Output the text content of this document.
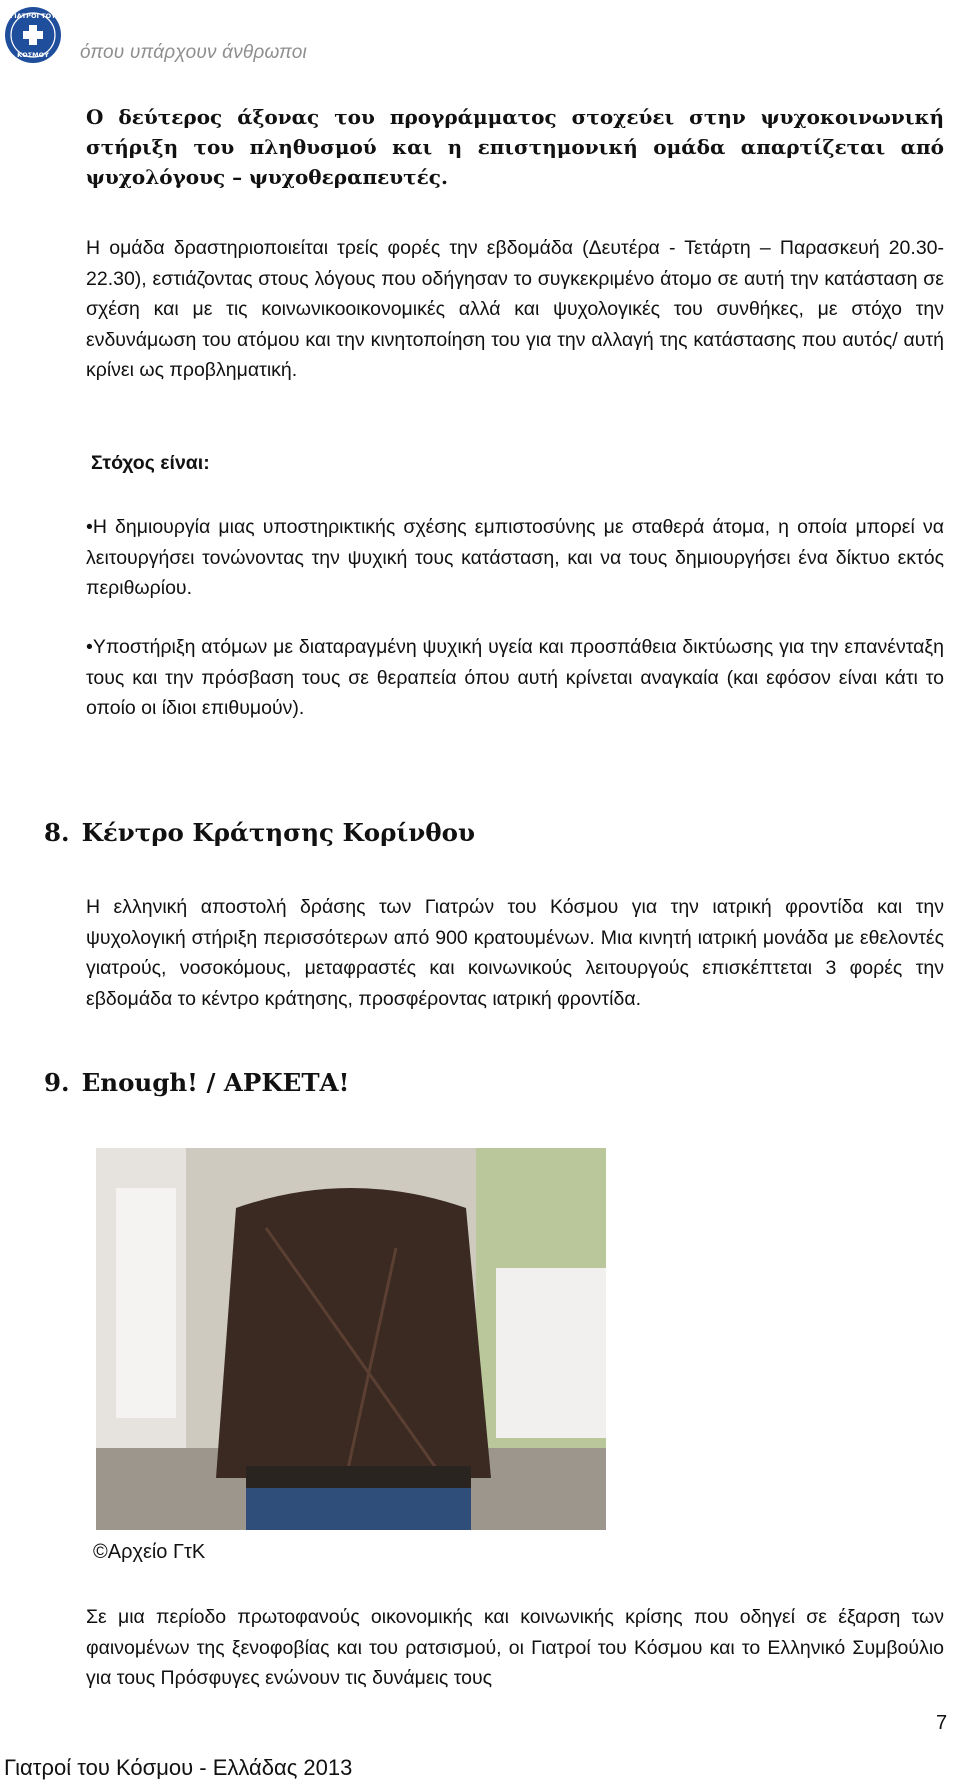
ΓΙΑΤΡΟΙ ΤΟΥ
ΚΟΣΜΟΥ όπου υπάρχουν άνθρωποι

Ο δεύτερος άξονας του προγράμματος στοχεύει στην ψυχοκοινωνική στήριξη του πληθυσμού και η επιστημονική ομάδα απαρτίζεται από ψυχολόγους – ψυχοθεραπευτές.

Η ομάδα δραστηριοποιείται τρείς φορές την εβδομάδα (Δευτέρα - Τετάρτη – Παρασκευή 20.30-22.30), εστιάζοντας στους λόγους που οδήγησαν το συγκεκριμένο άτομο σε αυτή την κατάσταση σε σχέση και με τις κοινωνικοοικονομικές αλλά και ψυχολογικές του συνθήκες, με στόχο την ενδυνάμωση του ατόμου και την κινητοποίηση του για την αλλαγή της κατάστασης που αυτός/ αυτή κρίνει ως προβληματική.

Στόχος είναι:

•Η δημιουργία μιας υποστηρικτικής σχέσης εμπιστοσύνης με σταθερά άτομα, η οποία μπορεί να λειτουργήσει τονώνοντας την ψυχική τους κατάσταση, και να τους δημιουργήσει ένα δίκτυο εκτός περιθωρίου.

•Υποστήριξη ατόμων με διαταραγμένη ψυχική υγεία και προσπάθεια δικτύωσης για την επανένταξη τους και την πρόσβαση τους σε θεραπεία όπου αυτή κρίνεται αναγκαία (και εφόσον είναι κάτι το οποίο οι ίδιοι επιθυμούν).

8. Κέντρο Κράτησης Κορίνθου

Η ελληνική αποστολή δράσης των Γιατρών του Κόσμου για την ιατρική φροντίδα και την ψυχολογική στήριξη περισσότερων από 900 κρατουμένων. Μια κινητή ιατρική μονάδα με εθελοντές γιατρούς, νοσοκόμους, μεταφραστές και κοινωνικούς λειτουργούς επισκέπτεται 3 φορές την εβδομάδα το κέντρο κράτησης, προσφέροντας ιατρική φροντίδα.

9. Enough! / ΑΡΚΕΤΑ!
©Αρχείο ΓτΚ

Σε μια περίοδο πρωτοφανούς οικονομικής και κοινωνικής κρίσης που οδηγεί σε έξαρση των φαινομένων της ξενοφοβίας και του ρατσισμού, οι Γιατροί του Κόσμου και το Ελληνικό Συμβούλιο για τους Πρόσφυγες ενώνουν τις δυνάμεις τους

7
Γιατροί του Κόσμου - Ελλάδας 2013
